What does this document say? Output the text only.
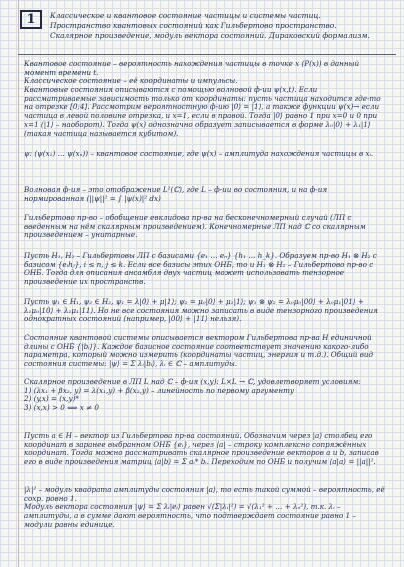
1	Классическое и квантовое состояние частицы и системы частиц.

Пространство квантовых состояний как Гильбертово пространство.

Скалярное произведение, модуль вектора состояний. Дираковский формализм.

Квантовое состояние – вероятность нахождения частицы в точке x (P(x)) в данный момент времени t.
Классическое состояние – её координаты и импульсы.

Квантовые состояния описываются с помощью волновой ф-ии ψ(x,t). Если рассматриваемые зависимость только от координаты: пусть частица находится где-то на отрезке [0;4]. Рассмотрим вероятностную ф-ию |0⟩ = |1⟩, а также функции ψ(x)→ если частица в левой половине отрезка, и x=1, если в правой. Тогда |0⟩ равно 1 при x=0 и 0 при x=1 (|1⟩ – наоборот). Тогда ψ(x) однозначно образует записывается в форме λ₀|0⟩ + λ₁|1⟩ (такая частица называется кубитом).

ψ: (ψ(x₁) … ψ(xₙ)) – квантовое состояние, где ψ(x) – амплитуда нахождения частицы в xᵢ.

Волновая ф-ия – это отображение L²(ℂ), где L – ф-ии во состояния, и на ф-ия нормированная (||ψ||² = ∫ |ψ(x)|² dx)

Гильбертово пр-во – обобщение евклидова пр-ва на бесконечномерный случай (ЛП с введенным на нём скалярным произведением). Конечномерные ЛП над ℂ со скалярным произведением – унитарные.

Пусть H₁, H₂ – Гильбертовы ЛП с базисами {e₁ … eₙ} {h₁ … h_k}. Образуем пр-во H₁ ⊗ H₂ с базисом {eᵢhⱼ}, i ≤ n, j ≤ k. Если все базисы этих ОНБ, то и H₁ ⊗ H₂ – Гильбертово пр-во с ОНБ. Тогда для описания ансамбля двух частиц может использовать тензорное произведение их пространств.

Пусть ψ₁ ∈ H₁, ψ₂ ∈ H₂, ψ₁ = λ|0⟩ + μ|1⟩; ψ₂ = μ₀|0⟩ + μ₁|1⟩; ψ₁ ⊗ ψ₂ = λ₀μ₀|00⟩ + λ₀μ₁|01⟩ + λ₁μ₀|10⟩ + λ₁μ₁|11⟩. Но не все состояния можно записать в виде тензорного произведения однократных состояний (например, |00⟩ + |11⟩ нельзя).

Состояние квантовой системы описывается вектором Гильбертова пр-ва H единичной длины с ОНБ {|bᵢ⟩}. Каждое базисное состояние соответствует значению какого-либо параметра, который можно измерить (координаты частиц, энергия и т.д.). Общий вид состояния системы: |ψ⟩ = Σ λᵢ|bᵢ⟩, λᵢ ∈ ℂ – амплитуды.

Скалярное произведение в ЛП L над ℂ – ф-ия (x,y): L×L → ℂ, удовлетворяет условиям:
1) (λx₁ + βx₂, y) = λ(x₁,y) + β(x₂,y) – линейность по первому аргументу
2) (y,x) = (x,y)*
3) (x,x) > 0 ⟺ x ≠ 0

Пусть a ∈ H – вектор из Гильбертова пр-ва состояний. Обозначим через |a⟩ столбец его координат в заранее выбранном ОНБ {eᵢ}, через ⟨a| – строку комплексно сопряжённых координат. Тогда можно рассматривать скалярное произведение векторов a и b, записав его в виде произведения матриц ⟨a|b⟩ = Σ aᵢ* bᵢ. Переходим по ОНБ и получим ⟨a|a⟩ = ||a||².

|λ|² – модуль квадрата амплитуды состояния |a⟩, то есть такой суммой – вероятность, её сохр. ровно 1.
Модуль вектора состояния |ψ⟩ = Σ λᵢ|eᵢ⟩ равен √(Σ|λᵢ|²) = √(λ₁² + … + λₙ²), т.к. λᵢ – амплитуды, а в сумме дают вероятность, что подтверждает состояние равно 1 – модули равны единице.
